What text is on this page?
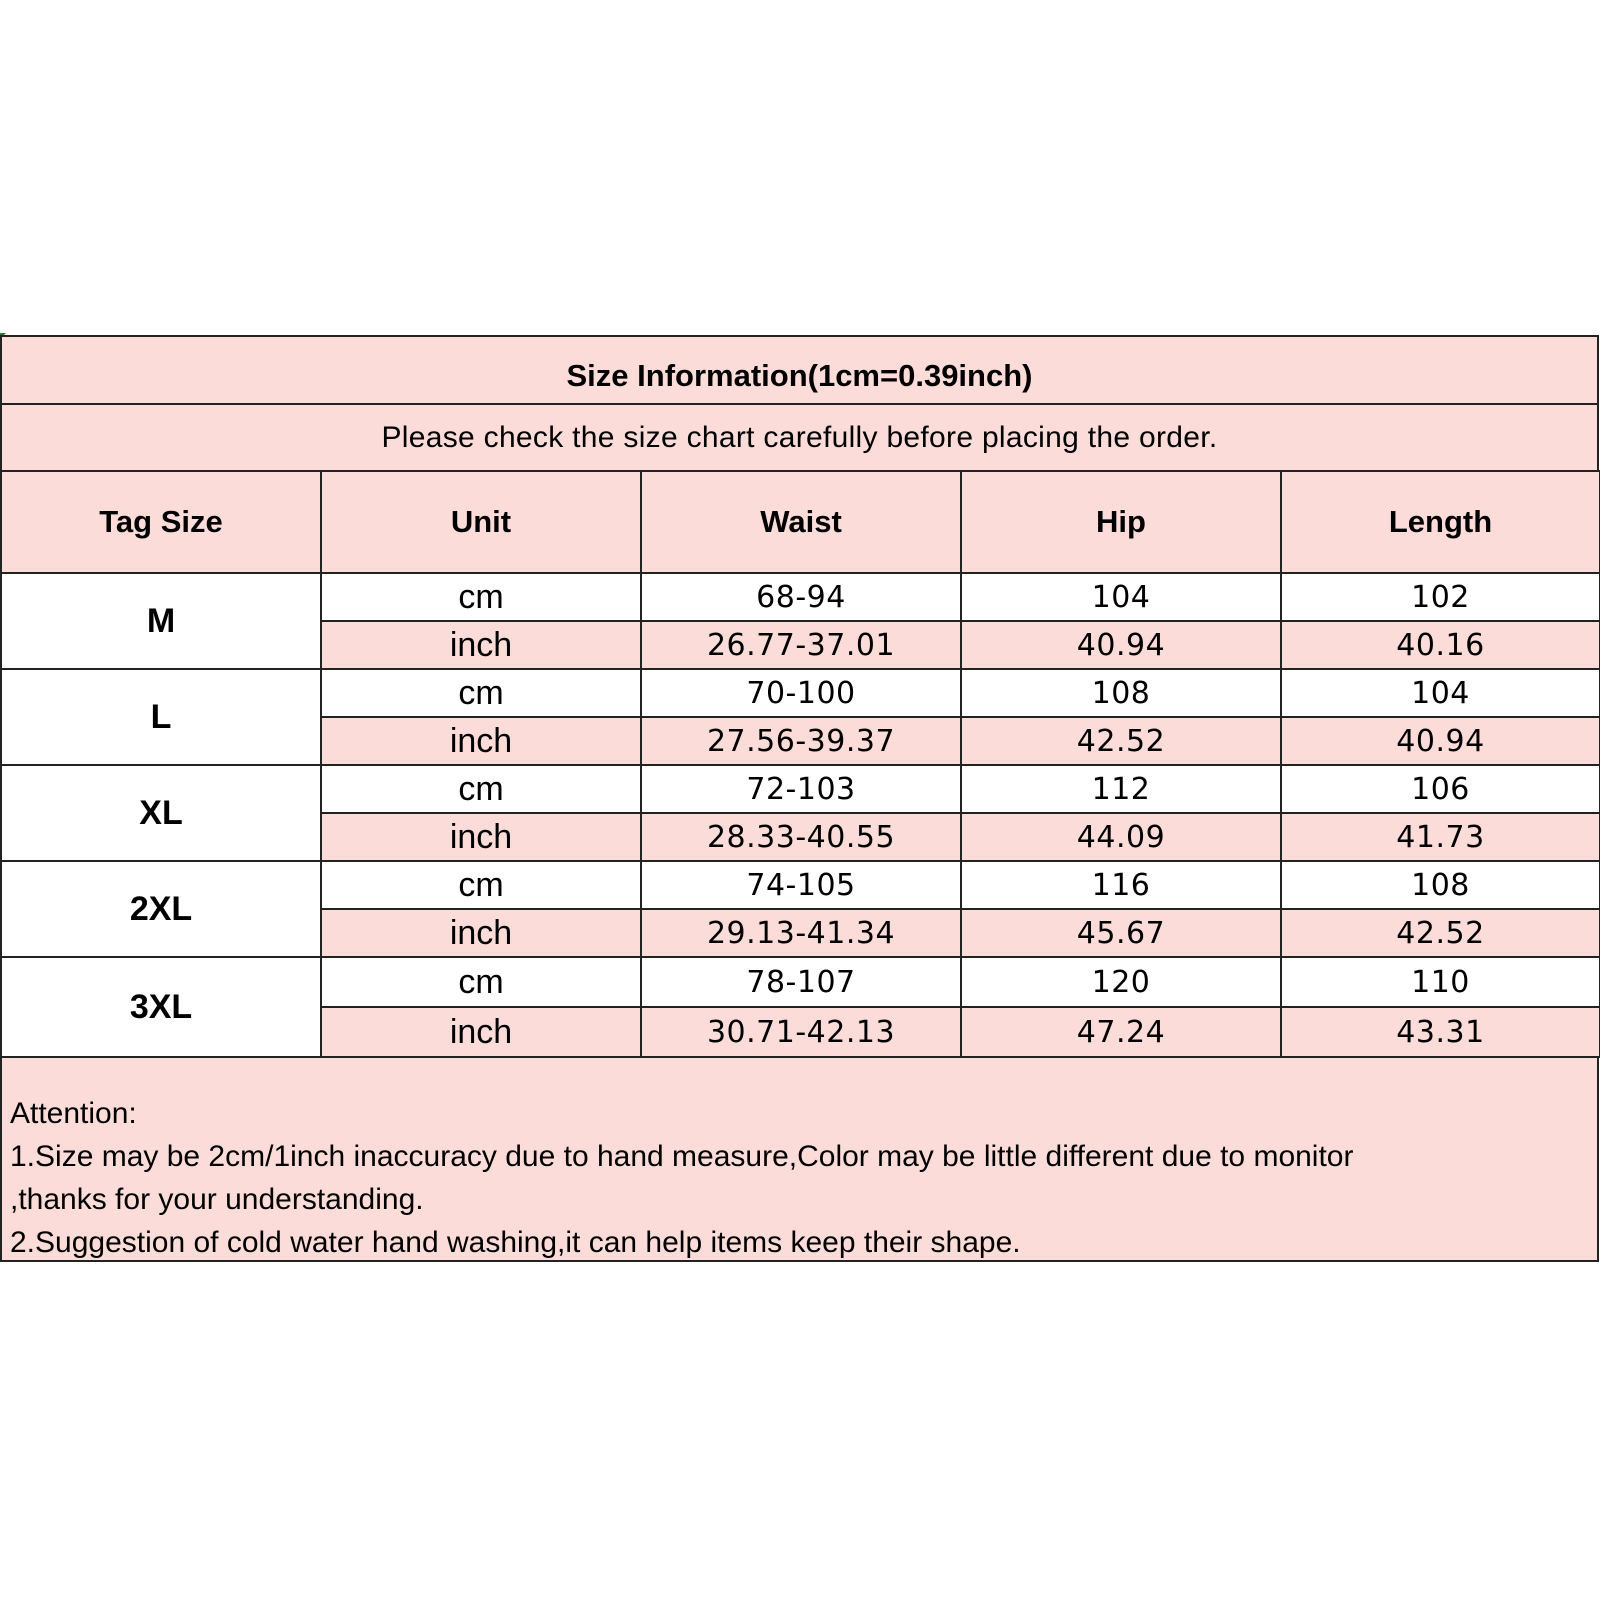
Size Information(1cm=0.39inch)
Please check the size chart carefully before placing the order.
Tag Size	Unit	Waist	Hip	Length
M	cm	68-94	104	102
	inch	26.77-37.01	40.94	40.16
L	cm	70-100	108	104
	inch	27.56-39.37	42.52	40.94
XL	cm	72-103	112	106
	inch	28.33-40.55	44.09	41.73
2XL	cm	74-105	116	108
	inch	29.13-41.34	45.67	42.52
3XL	cm	78-107	120	110
	inch	30.71-42.13	47.24	43.31
Attention:
1.Size may be 2cm/1inch inaccuracy due to hand measure,Color may be little different due to monitor
,thanks for your understanding.
2.Suggestion of cold water hand washing,it can help items keep their shape.
